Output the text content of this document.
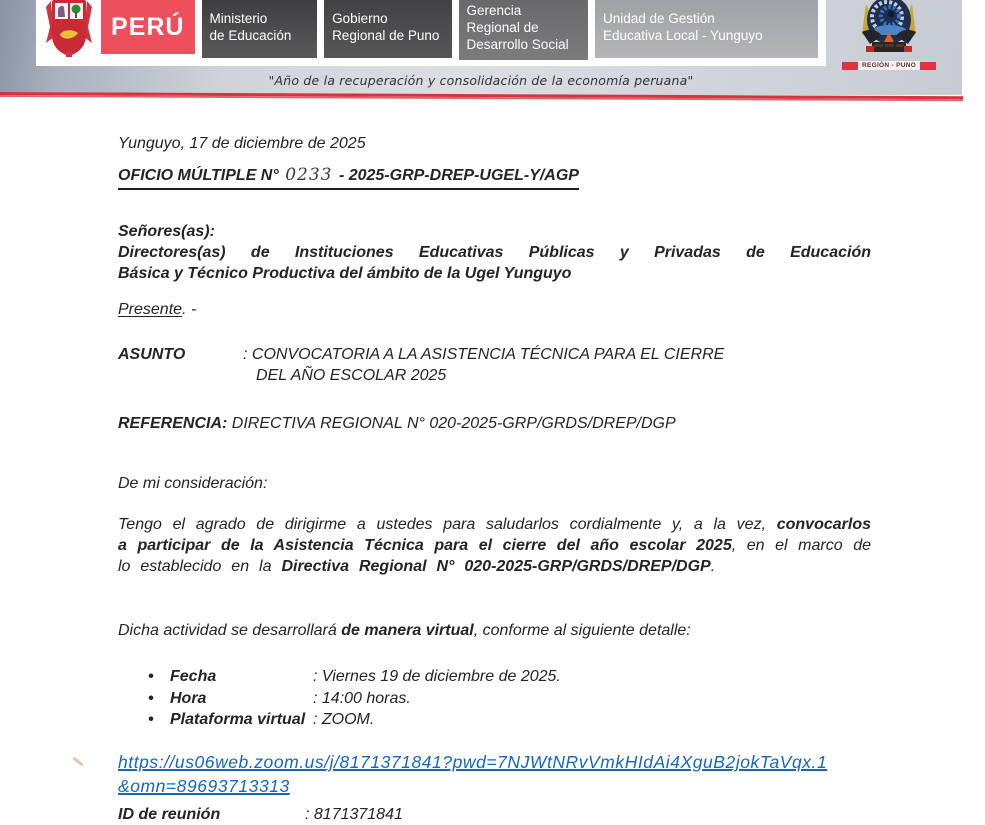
PERÚ Ministerio
de Educación
Gobierno
Regional de Puno
Gerencia
Regional de
Desarrollo Social
Unidad de Gestión
Educativa Local - Yunguyo
REGIÓN - PUNO
"Año de la recuperación y consolidación de la economía peruana"
Yunguyo, 17 de diciembre de 2025
OFICIO MÚLTIPLE N° 0233 - 2025-GRP-DREP-UGEL-Y/AGP
Señores(as):
Directores(as) de Instituciones Educativas Públicas y Privadas de Educación
Básica y Técnico Productiva del ámbito de la Ugel Yunguyo
Presente. -
ASUNTO	: CONVOCATORIA A LA ASISTENCIA TÉCNICA PARA EL CIERRE
DEL AÑO ESCOLAR 2025
REFERENCIA: DIRECTIVA REGIONAL N° 020-2025-GRP/GRDS/DREP/DGP
De mi consideración:
Tengo el agrado de dirigirme a ustedes para saludarlos cordialmente y, a la vez, convocarlos a participar de la Asistencia Técnica para el cierre del año escolar 2025, en el marco de lo establecido en la Directiva Regional N° 020-2025-GRP/GRDS/DREP/DGP.
Dicha actividad se desarrollará de manera virtual, conforme al siguiente detalle:
•
Fecha	: Viernes 19 de diciembre de 2025.
•
Hora	: 14:00 horas.
•
Plataforma virtual : ZOOM.
https://us06web.zoom.us/j/8171371841?pwd=7NJWtNRvVmkHIdAi4XguB2jokTaVqx.1
&omn=89693713313
ID de reunión	: 8171371841
